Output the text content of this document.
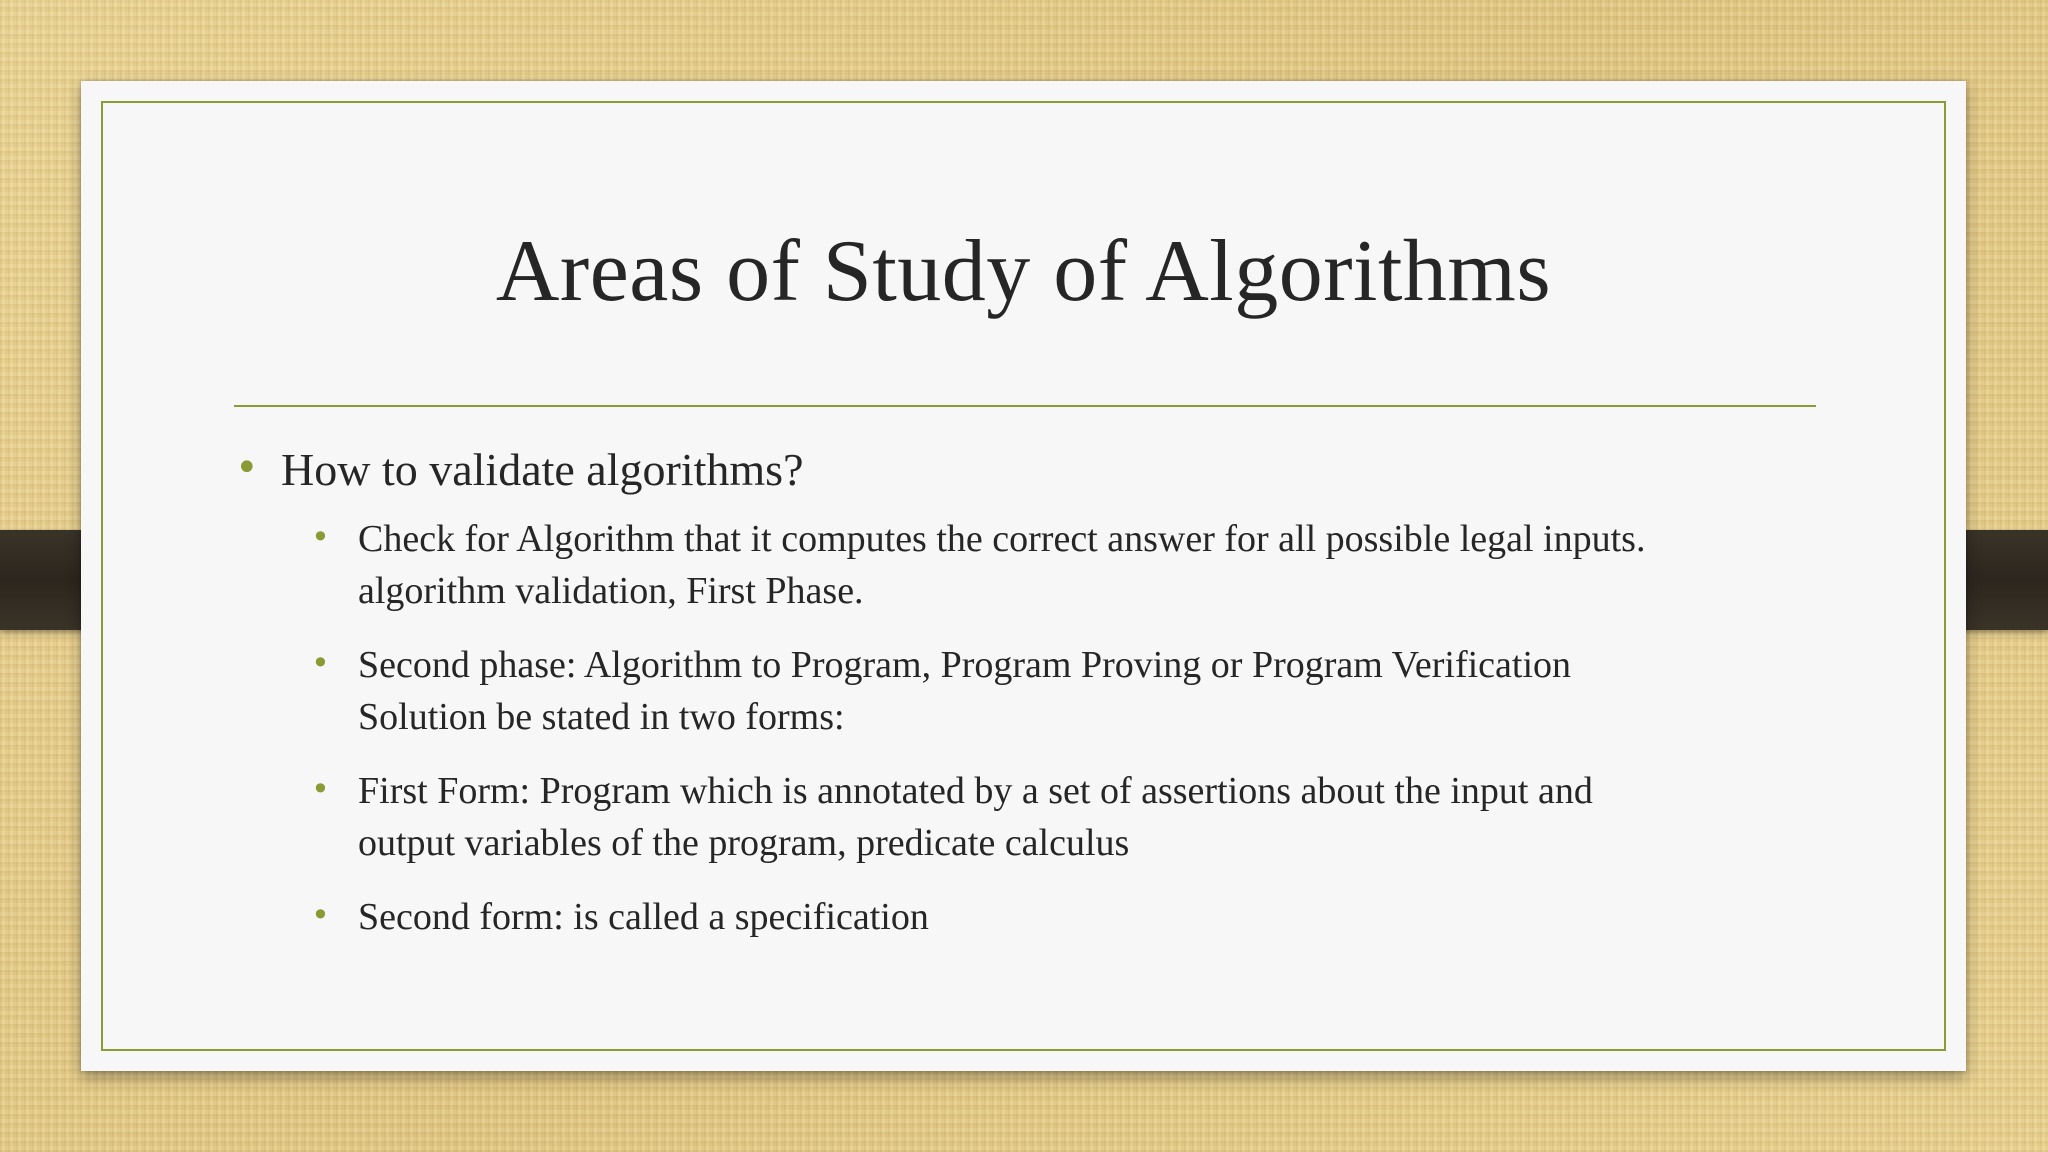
Areas of Study of Algorithms
• How to validate algorithms?
• Check for Algorithm that it computes the correct answer for all possible legal inputs.
algorithm validation, First Phase.
• Second phase: Algorithm to Program, Program Proving or Program Verification
Solution be stated in two forms:
• First Form: Program which is annotated by a set of assertions about the input and
output variables of the program, predicate calculus
• Second form: is called a specification
